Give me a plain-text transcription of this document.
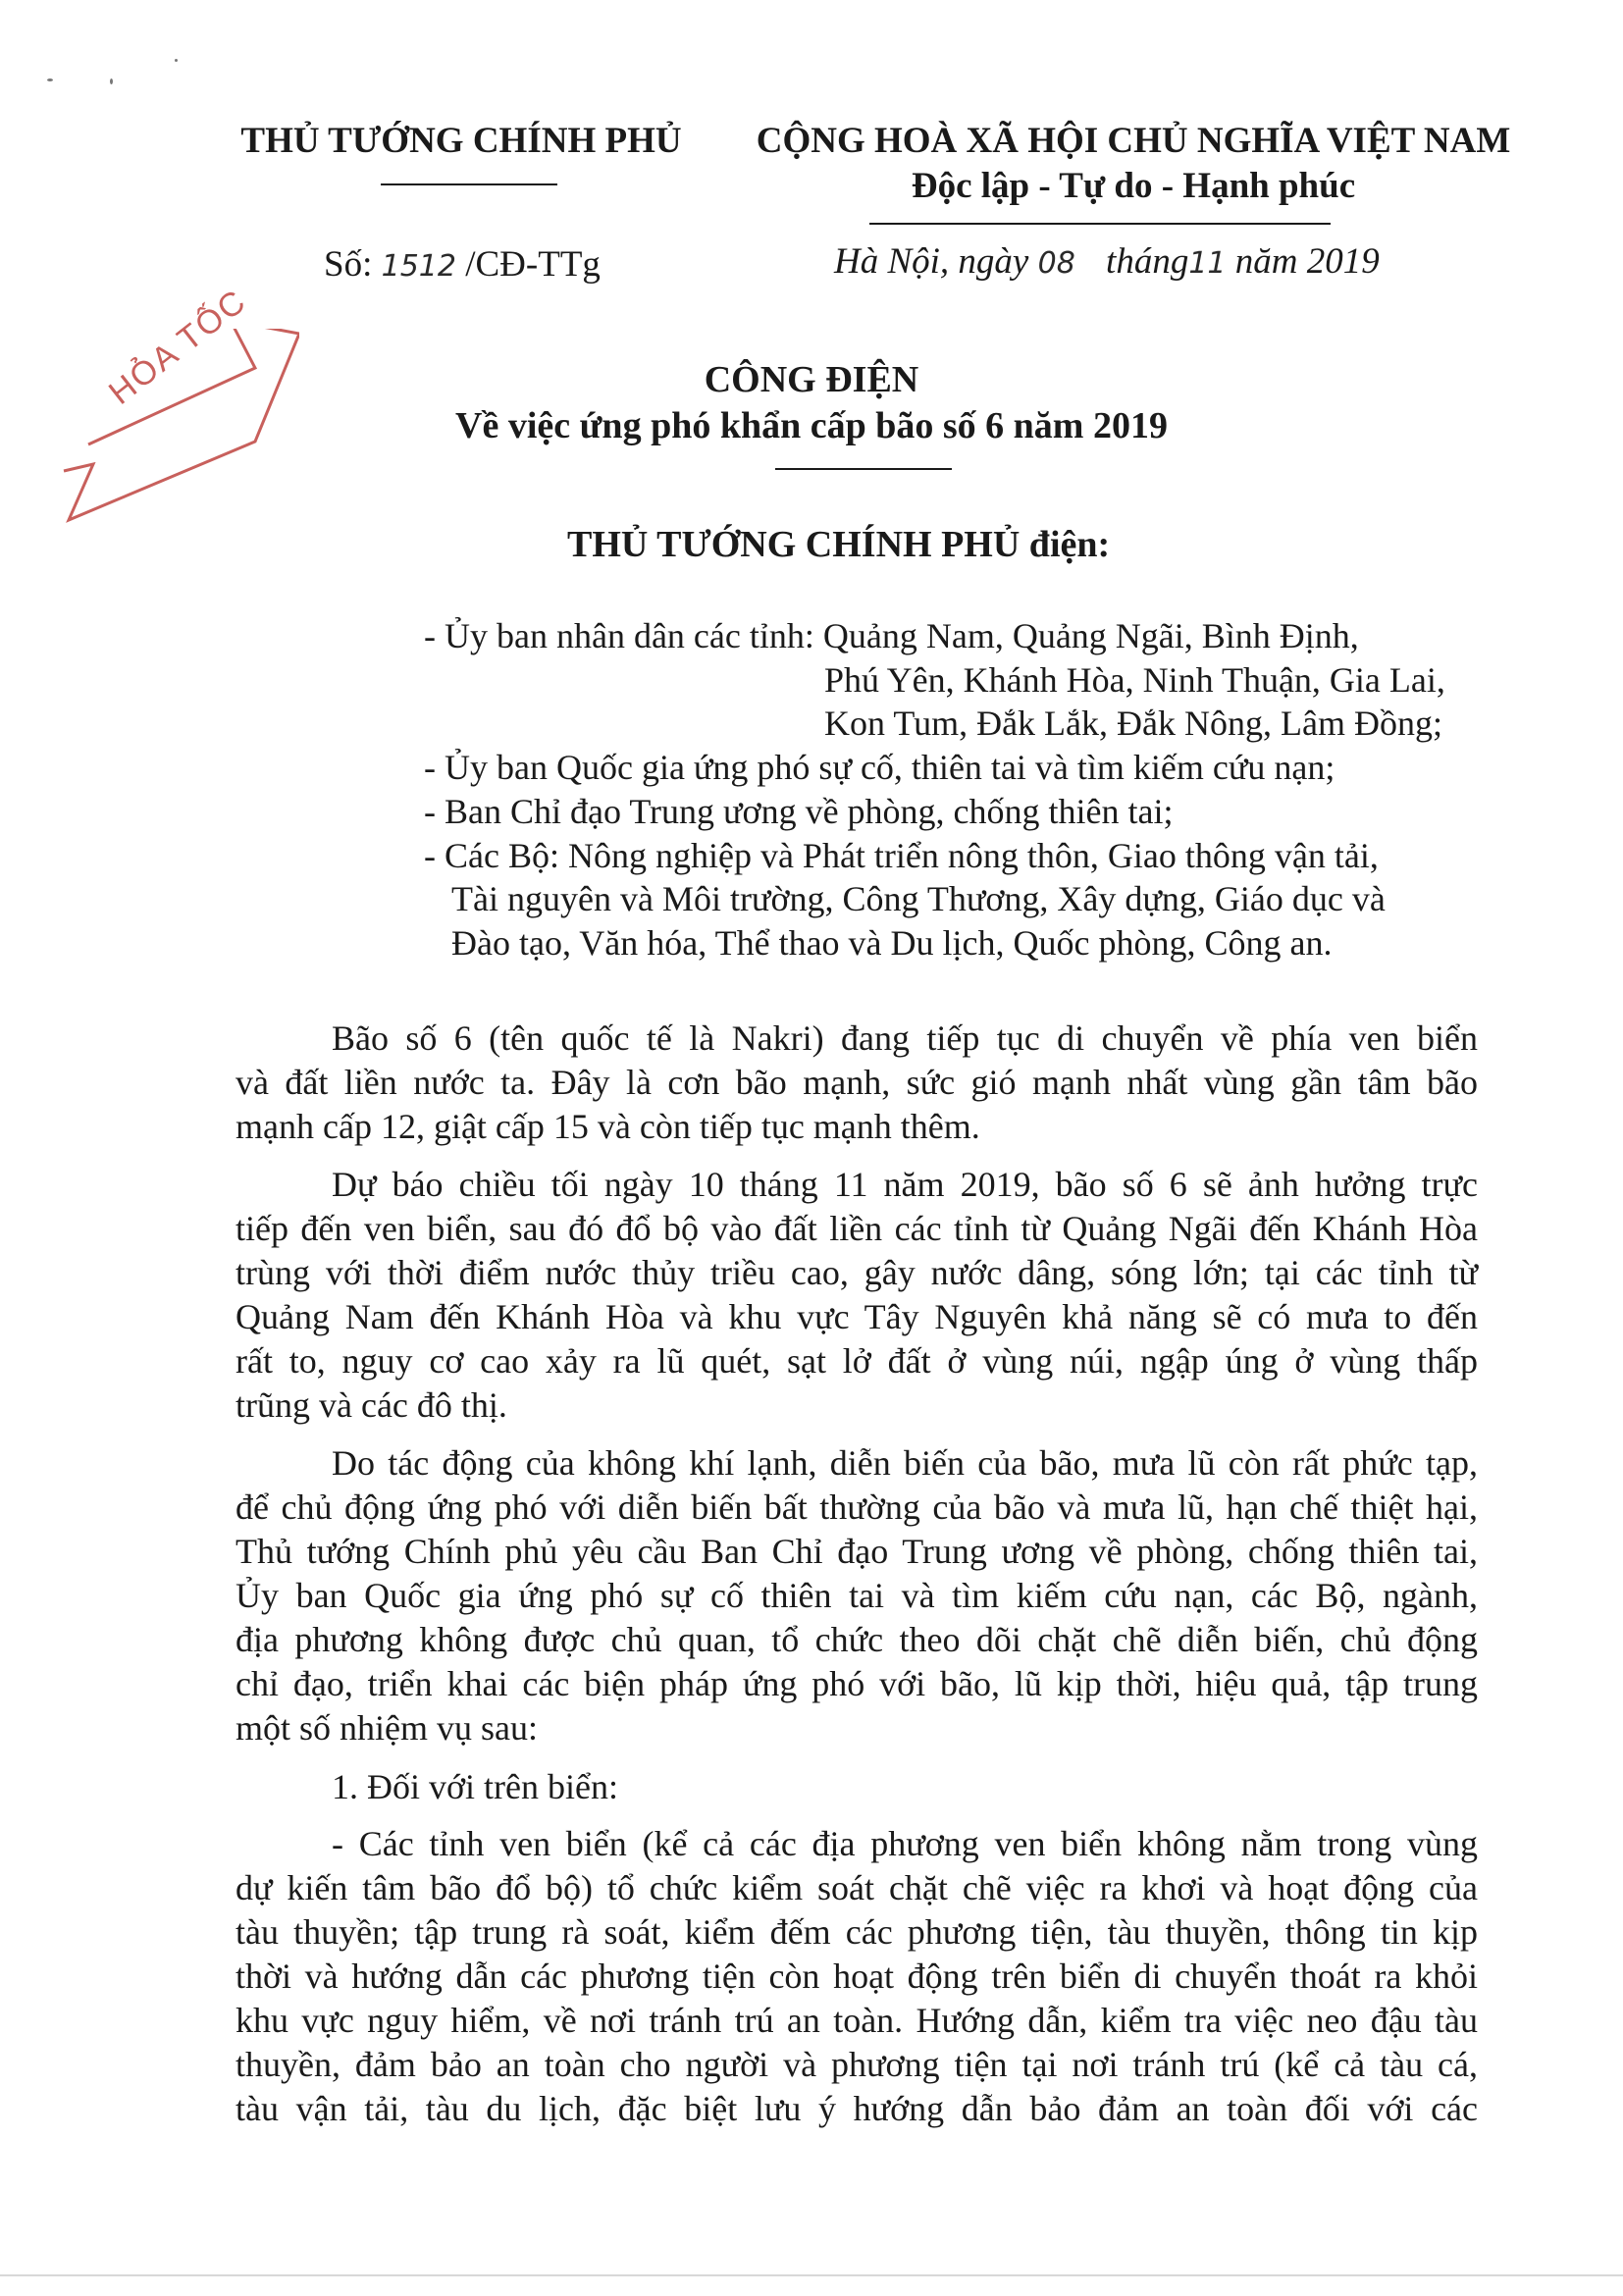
THỦ TƯỚNG CHÍNH PHỦ	CỘNG HOÀ XÃ HỘI CHỦ NGHĨA VIỆT NAM
Độc lập - Tự do - Hạnh phúc
Số: 1512 /CĐ-TTg	Hà Nội, ngày 08 tháng11 năm 2019
HỎA TỐC	CÔNG ĐIỆN
Về việc ứng phó khẩn cấp bão số 6 năm 2019
THỦ TƯỚNG CHÍNH PHỦ điện:
- Ủy ban nhân dân các tỉnh: Quảng Nam, Quảng Ngãi, Bình Định,
Phú Yên, Khánh Hòa, Ninh Thuận, Gia Lai,
Kon Tum, Đắk Lắk, Đắk Nông, Lâm Đồng;
- Ủy ban Quốc gia ứng phó sự cố, thiên tai và tìm kiếm cứu nạn;
- Ban Chỉ đạo Trung ương về phòng, chống thiên tai;
- Các Bộ: Nông nghiệp và Phát triển nông thôn, Giao thông vận tải,
Tài nguyên và Môi trường, Công Thương, Xây dựng, Giáo dục và
Đào tạo, Văn hóa, Thể thao và Du lịch, Quốc phòng, Công an.
Bão số 6 (tên quốc tế là Nakri) đang tiếp tục di chuyển về phía ven biển
và đất liền nước ta. Đây là cơn bão mạnh, sức gió mạnh nhất vùng gần tâm bão
mạnh cấp 12, giật cấp 15 và còn tiếp tục mạnh thêm.
Dự báo chiều tối ngày 10 tháng 11 năm 2019, bão số 6 sẽ ảnh hưởng trực
tiếp đến ven biển, sau đó đổ bộ vào đất liền các tỉnh từ Quảng Ngãi đến Khánh Hòa
trùng với thời điểm nước thủy triều cao, gây nước dâng, sóng lớn; tại các tỉnh từ
Quảng Nam đến Khánh Hòa và khu vực Tây Nguyên khả năng sẽ có mưa to đến
rất to, nguy cơ cao xảy ra lũ quét, sạt lở đất ở vùng núi, ngập úng ở vùng thấp
trũng và các đô thị.
Do tác động của không khí lạnh, diễn biến của bão, mưa lũ còn rất phức tạp,
để chủ động ứng phó với diễn biến bất thường của bão và mưa lũ, hạn chế thiệt hại,
Thủ tướng Chính phủ yêu cầu Ban Chỉ đạo Trung ương về phòng, chống thiên tai,
Ủy ban Quốc gia ứng phó sự cố thiên tai và tìm kiếm cứu nạn, các Bộ, ngành,
địa phương không được chủ quan, tổ chức theo dõi chặt chẽ diễn biến, chủ động
chỉ đạo, triển khai các biện pháp ứng phó với bão, lũ kịp thời, hiệu quả, tập trung
một số nhiệm vụ sau:
1. Đối với trên biển:
- Các tỉnh ven biển (kể cả các địa phương ven biển không nằm trong vùng
dự kiến tâm bão đổ bộ) tổ chức kiểm soát chặt chẽ việc ra khơi và hoạt động của
tàu thuyền; tập trung rà soát, kiểm đếm các phương tiện, tàu thuyền, thông tin kịp
thời và hướng dẫn các phương tiện còn hoạt động trên biển di chuyển thoát ra khỏi
khu vực nguy hiểm, về nơi tránh trú an toàn. Hướng dẫn, kiểm tra việc neo đậu tàu
thuyền, đảm bảo an toàn cho người và phương tiện tại nơi tránh trú (kể cả tàu cá,
tàu vận tải, tàu du lịch, đặc biệt lưu ý hướng dẫn bảo đảm an toàn đối với các
